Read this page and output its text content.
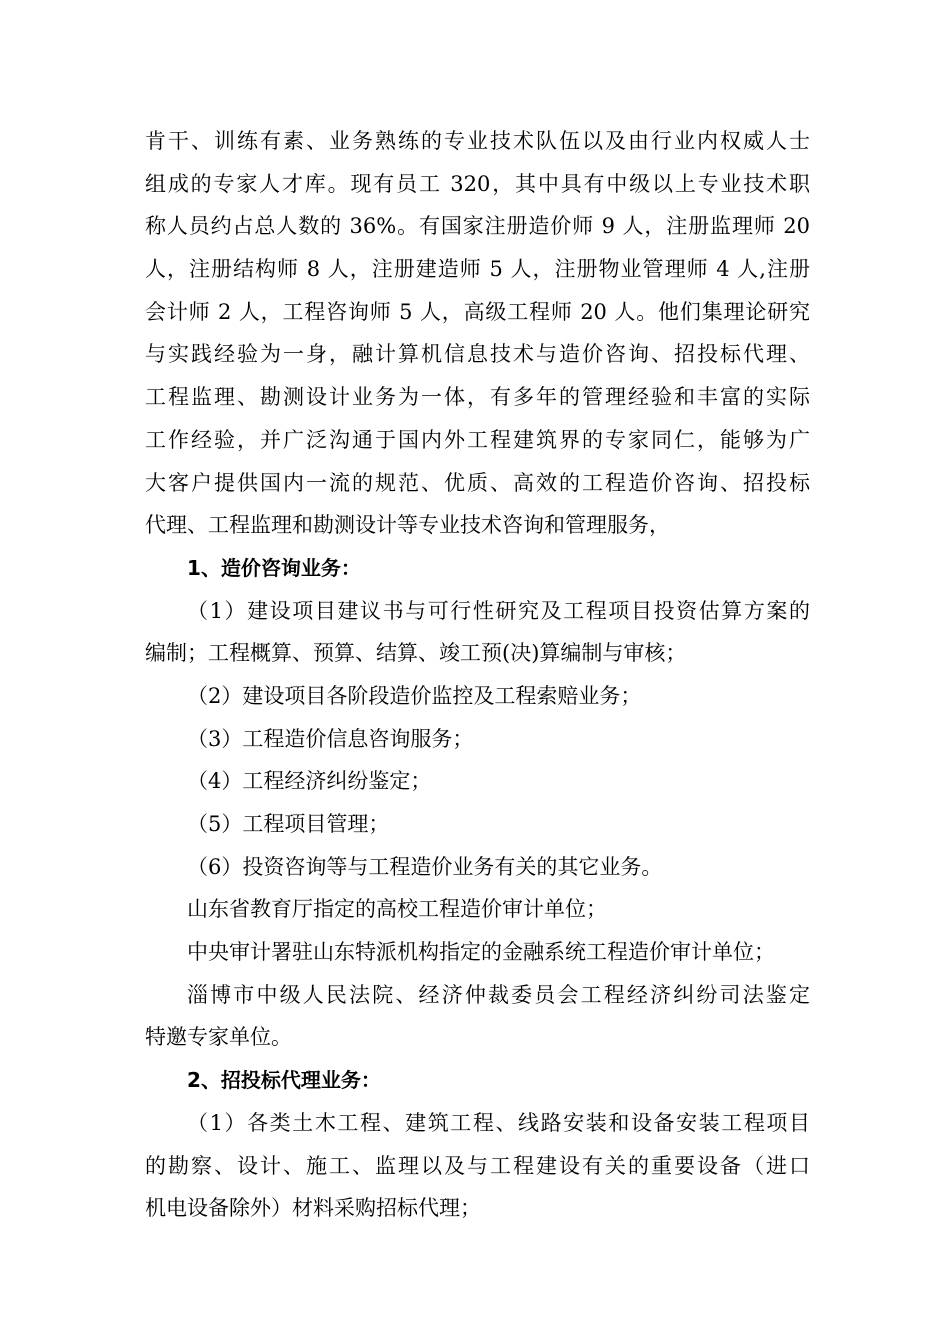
肯干、训练有素、业务熟练的专业技术队伍以及由行业内权威人士
组成的专家人才库。现有员工 320，其中具有中级以上专业技术职
称人员约占总人数的 36%。有国家注册造价师 9 人，注册监理师 20
人，注册结构师 8 人，注册建造师 5 人，注册物业管理师 4 人,注册
会计师 2 人，工程咨询师 5 人，高级工程师 20 人。他们集理论研究
与实践经验为一身，融计算机信息技术与造价咨询、招投标代理、
工程监理、勘测设计业务为一体，有多年的管理经验和丰富的实际
工作经验，并广泛沟通于国内外工程建筑界的专家同仁，能够为广
大客户提供国内一流的规范、优质、高效的工程造价咨询、招投标
代理、工程监理和勘测设计等专业技术咨询和管理服务，
1、造价咨询业务：
（1）建设项目建议书与可行性研究及工程项目投资估算方案的
编制；工程概算、预算、结算、竣工预(决)算编制与审核；
（2）建设项目各阶段造价监控及工程索赔业务；
（3）工程造价信息咨询服务；
（4）工程经济纠纷鉴定；
（5）工程项目管理；
（6）投资咨询等与工程造价业务有关的其它业务。
山东省教育厅指定的高校工程造价审计单位；
中央审计署驻山东特派机构指定的金融系统工程造价审计单位；
淄博市中级人民法院、经济仲裁委员会工程经济纠纷司法鉴定
特邀专家单位。
2、招投标代理业务：
（1）各类土木工程、建筑工程、线路安装和设备安装工程项目
的勘察、设计、施工、监理以及与工程建设有关的重要设备（进口
机电设备除外）材料采购招标代理；
